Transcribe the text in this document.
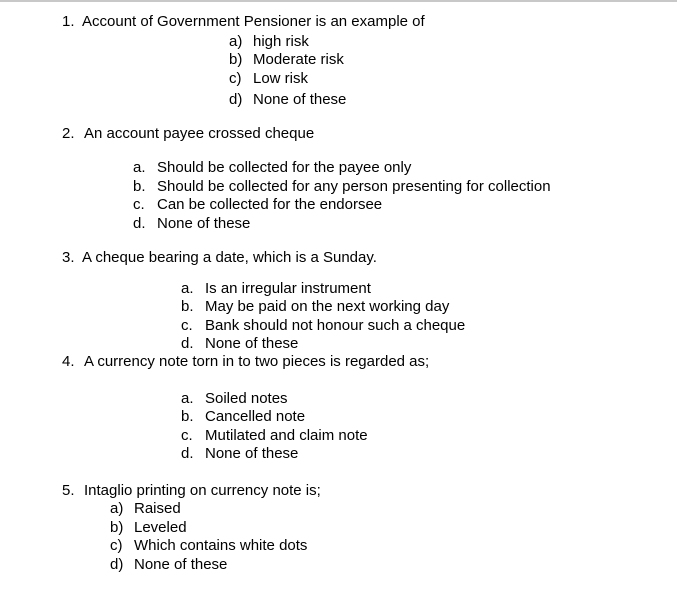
1. Account of Government Pensioner is an example of
a) high risk
b) Moderate risk
c) Low risk
d) None of these
2. An account payee crossed cheque
a. Should be collected for the payee only
b. Should be collected for any person presenting for collection
c. Can be collected for the endorsee
d. None of these
3. A cheque bearing a date, which is a Sunday.
a. Is an irregular instrument
b. May be paid on the next working day
c. Bank should not honour such a cheque
d. None of these
4. A currency note torn in to two pieces is regarded as;
a. Soiled notes
b. Cancelled note
c. Mutilated and claim note
d. None of these
5. Intaglio printing on currency note is;
a) Raised
b) Leveled
c) Which contains white dots
d) None of these
